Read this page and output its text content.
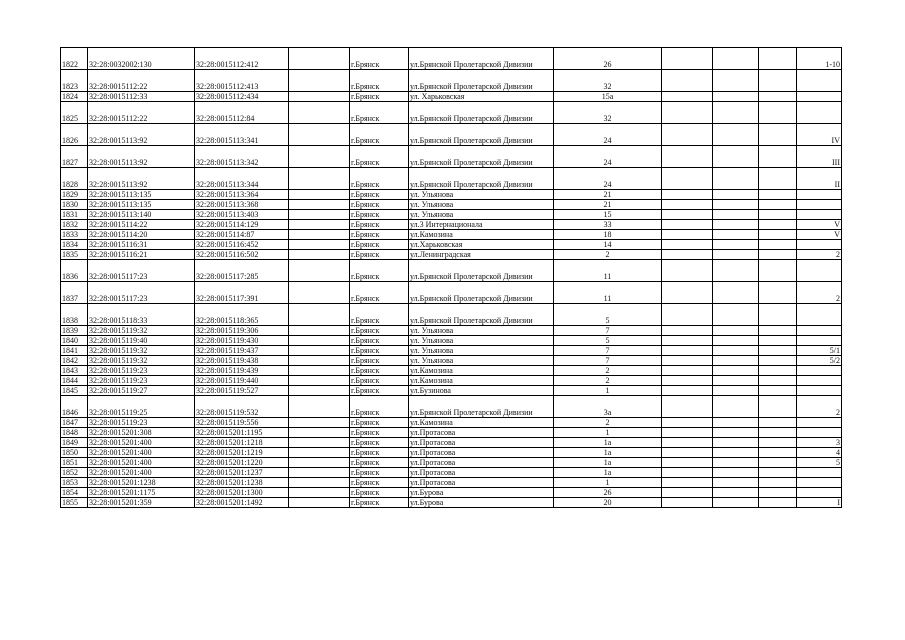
1822	32:28:0032002:130	32:28:0015112:412		г.Брянск	ул.Брянской Пролетарской Дивизии	26				1-10
1823	32:28:0015112:22	32:28:0015112:413		г.Брянск	ул.Брянской Пролетарской Дивизии	32				
1824	32:28:0015112:33	32:28:0015112:434		г.Брянск	ул. Харьковская	15а				
1825	32:28:0015112:22	32:28:0015112:84		г.Брянск	ул.Брянской Пролетарской Дивизии	32				
1826	32:28:0015113:92	32:28:0015113:341		г.Брянск	ул.Брянской Пролетарской Дивизии	24				IV
1827	32:28:0015113:92	32:28:0015113:342		г.Брянск	ул.Брянской Пролетарской Дивизии	24				III
1828	32:28:0015113:92	32:28:0015113:344		г.Брянск	ул.Брянской Пролетарской Дивизии	24				II
1829	32:28:0015113:135	32:28:0015113:364		г.Брянск	ул. Ульянова	21				
1830	32:28:0015113:135	32:28:0015113:368		г.Брянск	ул. Ульянова	21				
1831	32:28:0015113:140	32:28:0015113:403		г.Брянск	ул. Ульянова	15				
1832	32:28:0015114:22	32:28:0015114:129		г.Брянск	ул.3 Интернационала	33				V
1833	32:28:0015114:20	32:28:0015114:87		г.Брянск	ул.Камозина	18				V
1834	32:28:0015116:31	32:28:0015116:452		г.Брянск	ул.Харьковская	14				
1835	32:28:0015116:21	32:28:0015116:502		г.Брянск	ул.Ленинградская	2				2
1836	32:28:0015117:23	32:28:0015117:285		г.Брянск	ул.Брянской Пролетарской Дивизии	11				
1837	32:28:0015117:23	32:28:0015117:391		г.Брянск	ул.Брянской Пролетарской Дивизии	11				2
1838	32:28:0015118:33	32:28:0015118:365		г.Брянск	ул.Брянской Пролетарской Дивизии	5				
1839	32:28:0015119:32	32:28:0015119:306		г.Брянск	ул. Ульянова	7				
1840	32:28:0015119:40	32:28:0015119:430		г.Брянск	ул. Ульянова	5				
1841	32:28:0015119:32	32:28:0015119:437		г.Брянск	ул. Ульянова	7				5/1
1842	32:28:0015119:32	32:28:0015119:438		г.Брянск	ул. Ульянова	7				5/2
1843	32:28:0015119:23	32:28:0015119:439		г.Брянск	ул.Камозина	2				
1844	32:28:0015119:23	32:28:0015119:440		г.Брянск	ул.Камозина	2				
1845	32:28:0015119:27	32:28:0015119:527		г.Брянск	ул.Бузинова	1				
1846	32:28:0015119:25	32:28:0015119:532		г.Брянск	ул.Брянской Пролетарской Дивизии	3а				2
1847	32:28:0015119:23	32:28:0015119:556		г.Брянск	ул.Камозина	2				
1848	32:28:0015201:308	32:28:0015201:1195		г.Брянск	ул.Протасова	1				
1849	32:28:0015201:400	32:28:0015201:1218		г.Брянск	ул.Протасова	1а				3
1850	32:28:0015201:400	32:28:0015201:1219		г.Брянск	ул.Протасова	1а				4
1851	32:28:0015201:400	32:28:0015201:1220		г.Брянск	ул.Протасова	1а				5
1852	32:28:0015201:400	32:28:0015201:1237		г.Брянск	ул.Протасова	1а				
1853	32:28:0015201:1238	32:28:0015201:1238		г.Брянск	ул.Протасова	1				
1854	32:28:0015201:1175	32:28:0015201:1300		г.Брянск	ул.Бурова	26				
1855	32:28:0015201:359	32:28:0015201:1492		г.Брянск	ул.Бурова	20				I
